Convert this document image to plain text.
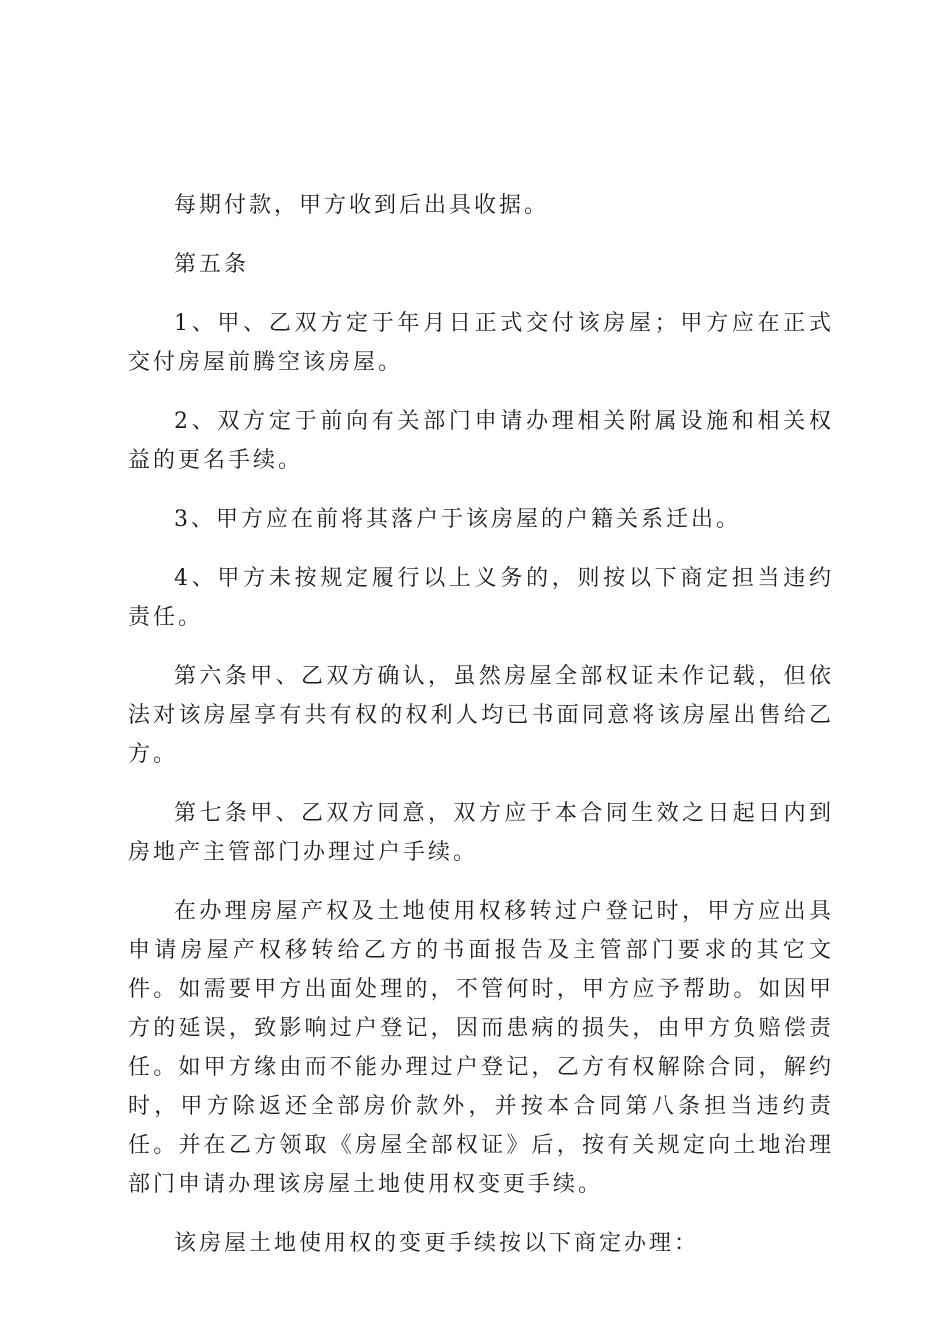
每期付款，甲方收到后出具收据。

第五条

1、甲、乙双方定于年月日正式交付该房屋；甲方应在正式交付房屋前腾空该房屋。

2、双方定于前向有关部门申请办理相关附属设施和相关权益的更名手续。

3、甲方应在前将其落户于该房屋的户籍关系迁出。

4、甲方未按规定履行以上义务的，则按以下商定担当违约责任。

第六条甲、乙双方确认，虽然房屋全部权证未作记载，但依法对该房屋享有共有权的权利人均已书面同意将该房屋出售给乙方。

第七条甲、乙双方同意，双方应于本合同生效之日起日内到房地产主管部门办理过户手续。

在办理房屋产权及土地使用权移转过户登记时，甲方应出具申请房屋产权移转给乙方的书面报告及主管部门要求的其它文件。如需要甲方出面处理的，不管何时，甲方应予帮助。如因甲方的延误，致影响过户登记，因而患病的损失，由甲方负赔偿责任。如甲方缘由而不能办理过户登记，乙方有权解除合同，解约时，甲方除返还全部房价款外，并按本合同第八条担当违约责任。并在乙方领取《房屋全部权证》后，按有关规定向土地治理部门申请办理该房屋土地使用权变更手续。

该房屋土地使用权的变更手续按以下商定办理：
